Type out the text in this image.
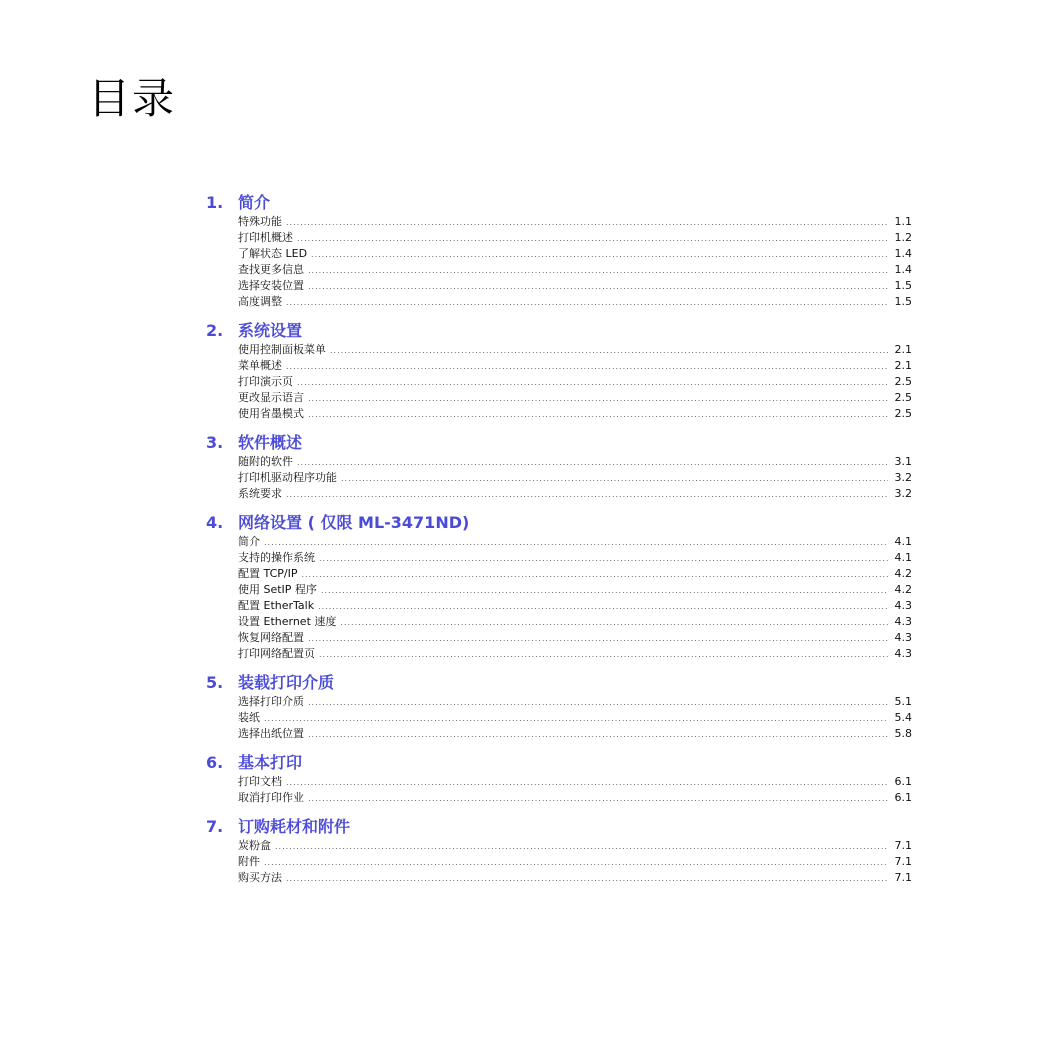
目录
1. 简介
特殊功能 .....	1.1
打印机概述 .....	1.2
了解状态 LED .....	1.4
查找更多信息 .....	1.4
选择安装位置 .....	1.5
高度调整 .....	1.5
2. 系统设置
使用控制面板菜单 .....	2.1
菜单概述 .....	2.1
打印演示页 .....	2.5
更改显示语言 .....	2.5
使用省墨模式 .....	2.5
3. 软件概述
随附的软件 .....	3.1
打印机驱动程序功能 .....	3.2
系统要求 .....	3.2
4. 网络设置 ( 仅限 ML-3471ND)
简介 .....	4.1
支持的操作系统 .....	4.1
配置 TCP/IP .....	4.2
使用 SetIP 程序 .....	4.2
配置 EtherTalk .....	4.3
设置 Ethernet 速度 .....	4.3
恢复网络配置 .....	4.3
打印网络配置页 .....	4.3
5. 装载打印介质
选择打印介质 .....	5.1
装纸 .....	5.4
选择出纸位置 .....	5.8
6. 基本打印
打印文档 .....	6.1
取消打印作业 .....	6.1
7. 订购耗材和附件
炭粉盒 .....	7.1
附件 .....	7.1
购买方法 .....	7.1
